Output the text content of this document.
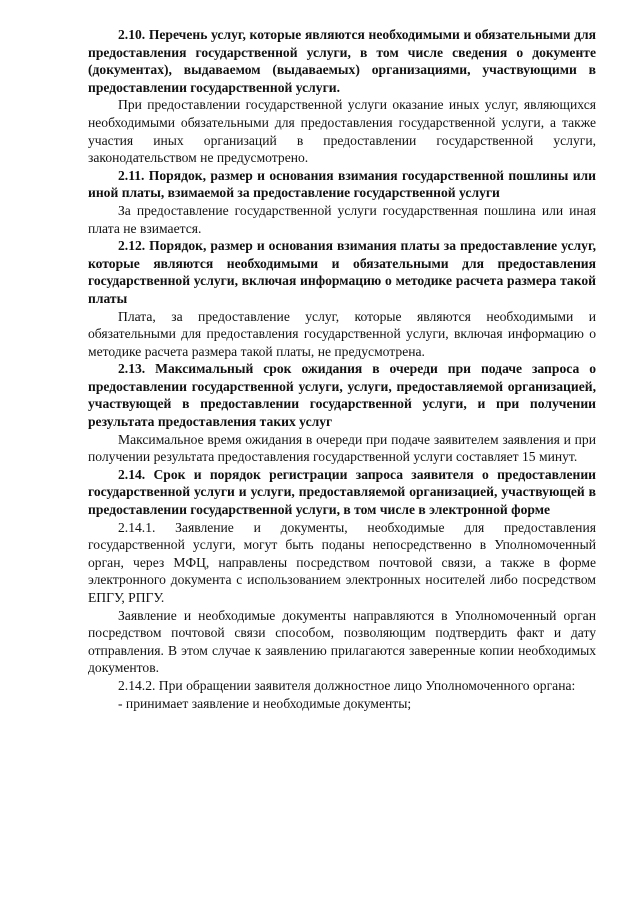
2.10. Перечень услуг, которые являются необходимыми и обязательными для предоставления государственной услуги, в том числе сведения о документе (документах), выдаваемом (выдаваемых) организациями, участвующими в предоставлении государственной услуги.

При предоставлении государственной услуги оказание иных услуг, являющихся необходимыми обязательными для предоставления государственной услуги, а также участия иных организаций в предоставлении государственной услуги, законодательством не предусмотрено.

2.11. Порядок, размер и основания взимания государственной пошлины или иной платы, взимаемой за предоставление государственной услуги

За предоставление государственной услуги государственная пошлина или иная плата не взимается.

2.12. Порядок, размер и основания взимания платы за предоставление услуг, которые являются необходимыми и обязательными для предоставления государственной услуги, включая информацию о методике расчета размера такой платы

Плата, за предоставление услуг, которые являются необходимыми и обязательными для предоставления государственной услуги, включая информацию о методике расчета размера такой платы, не предусмотрена.

2.13. Максимальный срок ожидания в очереди при подаче запроса о предоставлении государственной услуги, услуги, предоставляемой организацией, участвующей в предоставлении государственной услуги, и при получении результата предоставления таких услуг

Максимальное время ожидания в очереди при подаче заявителем заявления и при получении результата предоставления государственной услуги составляет 15 минут.

2.14. Срок и порядок регистрации запроса заявителя о предоставлении государственной услуги и услуги, предоставляемой организацией, участвующей в предоставлении государственной услуги, в том числе в электронной форме

2.14.1. Заявление и документы, необходимые для предоставления государственной услуги, могут быть поданы непосредственно в Уполномоченный орган, через МФЦ, направлены посредством почтовой связи, а также в форме электронного документа с использованием электронных носителей либо посредством ЕПГУ, РПГУ.

Заявление и необходимые документы направляются в Уполномоченный орган посредством почтовой связи способом, позволяющим подтвердить факт и дату отправления. В этом случае к заявлению прилагаются заверенные копии необходимых документов.

2.14.2. При обращении заявителя должностное лицо Уполномоченного органа:

- принимает заявление и необходимые документы;
